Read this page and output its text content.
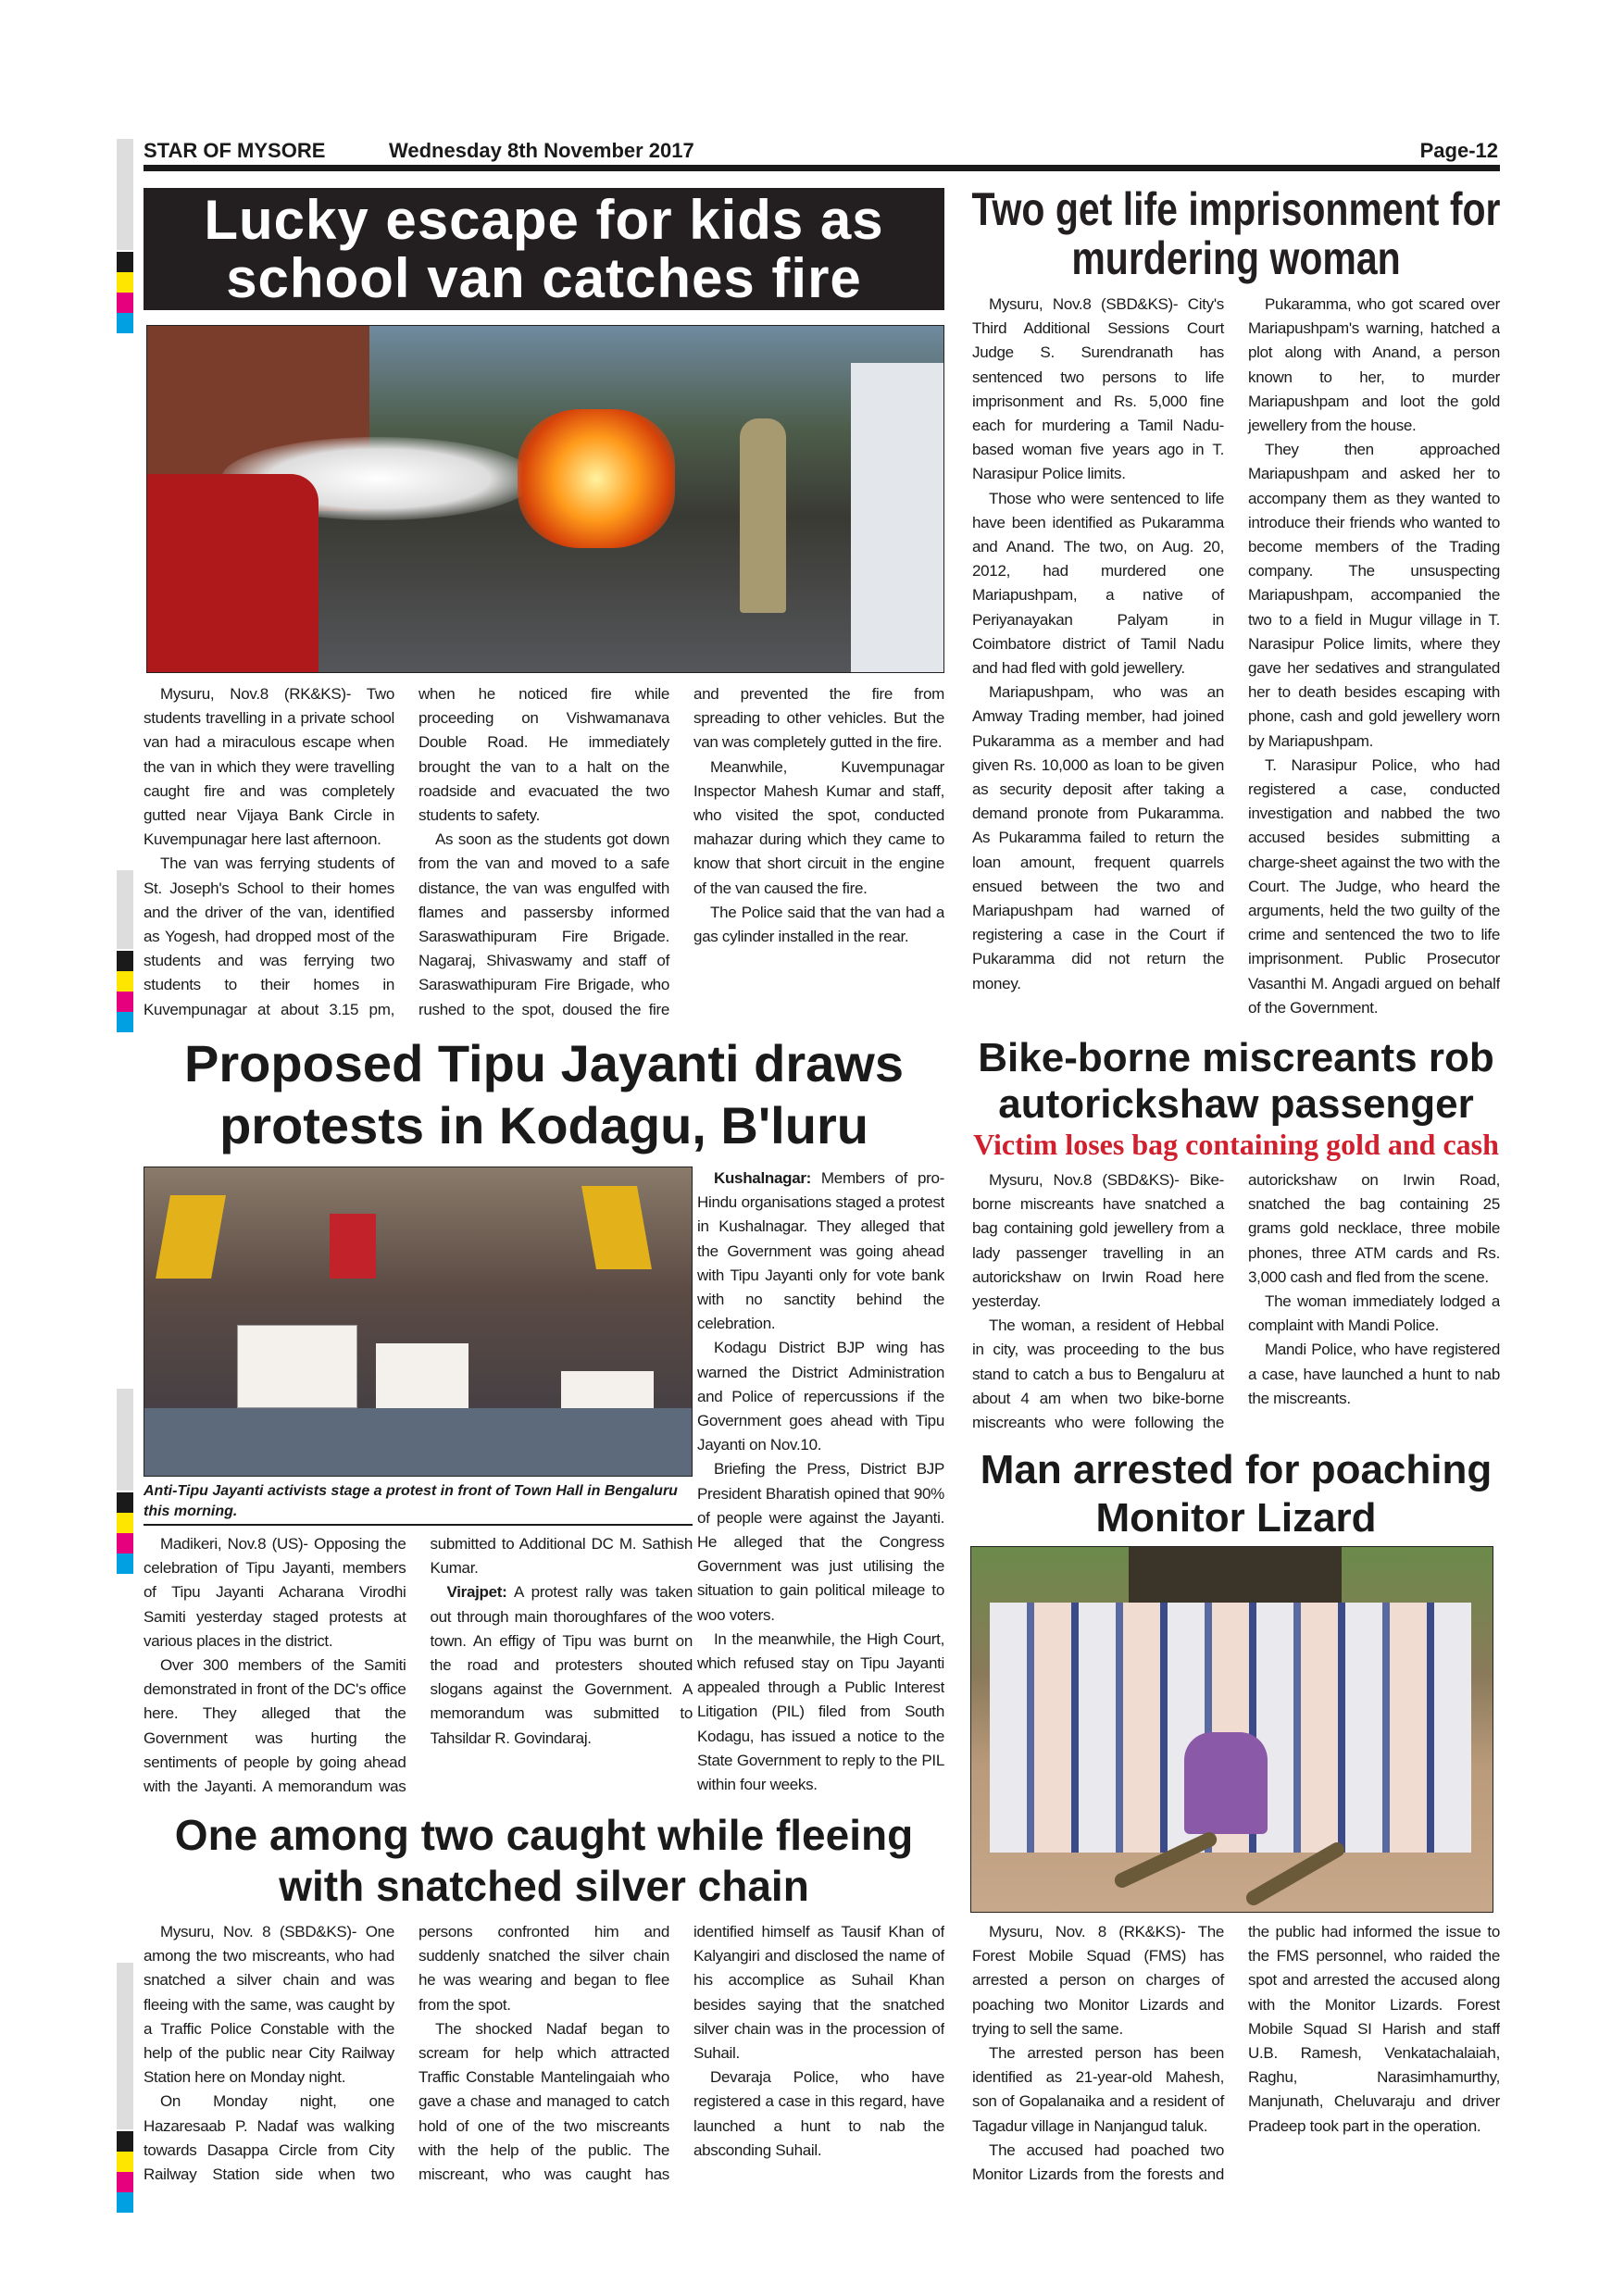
STAR OF MYSORE	Wednesday 8th November 2017	Page-12
Lucky escape for kids as school van catches fire

Mysuru, Nov.8 (RK&KS)- Two students travelling in a private school van had a miraculous escape when the van in which they were travelling caught fire and was completely gutted near Vijaya Bank Circle in Kuvempunagar here last afternoon.

The van was ferrying students of St. Joseph's School to their homes and the driver of the van, identified as Yogesh, had dropped most of the students and was ferrying two students to their homes in Kuvempunagar at about 3.15 pm, when he noticed fire while proceeding on Vishwamanava Double Road. He immediately brought the van to a halt on the roadside and evacuated the two students to safety.

As soon as the students got down from the van and moved to a safe distance, the van was engulfed with flames and passersby informed Saraswathipuram Fire Brigade. Nagaraj, Shivaswamy and staff of Saraswathipuram Fire Brigade, who rushed to the spot, doused the fire and prevented the fire from spreading to other vehicles. But the van was completely gutted in the fire.

Meanwhile, Kuvempunagar Inspector Mahesh Kumar and staff, who visited the spot, conducted mahazar during which they came to know that short circuit in the engine of the van caused the fire.

The Police said that the van had a gas cylinder installed in the rear.

Two get life imprisonment for murdering woman

Mysuru, Nov.8 (SBD&KS)- City's Third Additional Sessions Court Judge S. Surendranath has sentenced two persons to life imprisonment and Rs. 5,000 fine each for murdering a Tamil Nadu-based woman five years ago in T. Narasipur Police limits.

Those who were sentenced to life have been identified as Pukaramma and Anand. The two, on Aug. 20, 2012, had murdered one Mariapushpam, a native of Periyanayakan Palyam in Coimbatore district of Tamil Nadu and had fled with gold jewellery.

Mariapushpam, who was an Amway Trading member, had joined Pukaramma as a member and had given Rs. 10,000 as loan to be given as security deposit after taking a demand pronote from Pukaramma. As Pukaramma failed to return the loan amount, frequent quarrels ensued between the two and Mariapushpam had warned of registering a case in the Court if Pukaramma did not return the money.

Pukaramma, who got scared over Mariapushpam's warning, hatched a plot along with Anand, a person known to her, to murder Mariapushpam and loot the gold jewellery from the house.

They then approached Mariapushpam and asked her to accompany them as they wanted to introduce their friends who wanted to become members of the Trading company. The unsuspecting Mariapushpam, accompanied the two to a field in Mugur village in T. Narasipur Police limits, where they gave her sedatives and strangulated her to death besides escaping with phone, cash and gold jewellery worn by Mariapushpam.

T. Narasipur Police, who had registered a case, conducted investigation and nabbed the two accused besides submitting a charge-sheet against the two with the Court. The Judge, who heard the arguments, held the two guilty of the crime and sentenced the two to life imprisonment. Public Prosecutor Vasanthi M. Angadi argued on behalf of the Government.

Proposed Tipu Jayanti draws protests in Kodagu, B'luru
Anti-Tipu Jayanti activists stage a protest in front of Town Hall in Bengaluru this morning.

Madikeri, Nov.8 (US)- Opposing the celebration of Tipu Jayanti, members of Tipu Jayanti Acharana Virodhi Samiti yesterday staged protests at various places in the district.

Over 300 members of the Samiti demonstrated in front of the DC's office here. They alleged that the Government was hurting the sentiments of people by going ahead with the Jayanti. A memorandum was submitted to Additional DC M. Sathish Kumar.

Virajpet: A protest rally was taken out through main thoroughfares of the town. An effigy of Tipu was burnt on the road and protesters shouted slogans against the Government. A memorandum was submitted to Tahsildar R. Govindaraj.

Kushalnagar: Members of pro-Hindu organisations staged a protest in Kushalnagar. They alleged that the Government was going ahead with Tipu Jayanti only for vote bank with no sanctity behind the celebration.

Kodagu District BJP wing has warned the District Administration and Police of repercussions if the Government goes ahead with Tipu Jayanti on Nov.10.

Briefing the Press, District BJP President Bharatish opined that 90% of people were against the Jayanti. He alleged that the Congress Government was just utilising the situation to gain political mileage to woo voters.

In the meanwhile, the High Court, which refused stay on Tipu Jayanti appealed through a Public Interest Litigation (PIL) filed from South Kodagu, has issued a notice to the State Government to reply to the PIL within four weeks.

Bike-borne miscreants rob autorickshaw passenger
Victim loses bag containing gold and cash

Mysuru, Nov.8 (SBD&KS)- Bike-borne miscreants have snatched a bag containing gold jewellery from a lady passenger travelling in an autorickshaw on Irwin Road here yesterday.

The woman, a resident of Hebbal in city, was proceeding to the bus stand to catch a bus to Bengaluru at about 4 am when two bike-borne miscreants who were following the autorickshaw on Irwin Road, snatched the bag containing 25 grams gold necklace, three mobile phones, three ATM cards and Rs. 3,000 cash and fled from the scene.

The woman immediately lodged a complaint with Mandi Police.

Mandi Police, who have registered a case, have launched a hunt to nab the miscreants.

Man arrested for poaching Monitor Lizard

Mysuru, Nov. 8 (RK&KS)- The Forest Mobile Squad (FMS) has arrested a person on charges of poaching two Monitor Lizards and trying to sell the same.

The arrested person has been identified as 21-year-old Mahesh, son of Gopalanaika and a resident of Tagadur village in Nanjangud taluk.

The accused had poached two Monitor Lizards from the forests and the public had informed the issue to the FMS personnel, who raided the spot and arrested the accused along with the Monitor Lizards. Forest Mobile Squad SI Harish and staff U.B. Ramesh, Venkatachalaiah, Raghu, Narasimhamurthy, Manjunath, Cheluvaraju and driver Pradeep took part in the operation.

One among two caught while fleeing with snatched silver chain

Mysuru, Nov. 8 (SBD&KS)- One among the two miscreants, who had snatched a silver chain and was fleeing with the same, was caught by a Traffic Police Constable with the help of the public near City Railway Station here on Monday night.

On Monday night, one Hazaresaab P. Nadaf was walking towards Dasappa Circle from City Railway Station side when two persons confronted him and suddenly snatched the silver chain he was wearing and began to flee from the spot.

The shocked Nadaf began to scream for help which attracted Traffic Constable Mantelingaiah who gave a chase and managed to catch hold of one of the two miscreants with the help of the public. The miscreant, who was caught has identified himself as Tausif Khan of Kalyangiri and disclosed the name of his accomplice as Suhail Khan besides saying that the snatched silver chain was in the procession of Suhail.

Devaraja Police, who have registered a case in this regard, have launched a hunt to nab the absconding Suhail.
